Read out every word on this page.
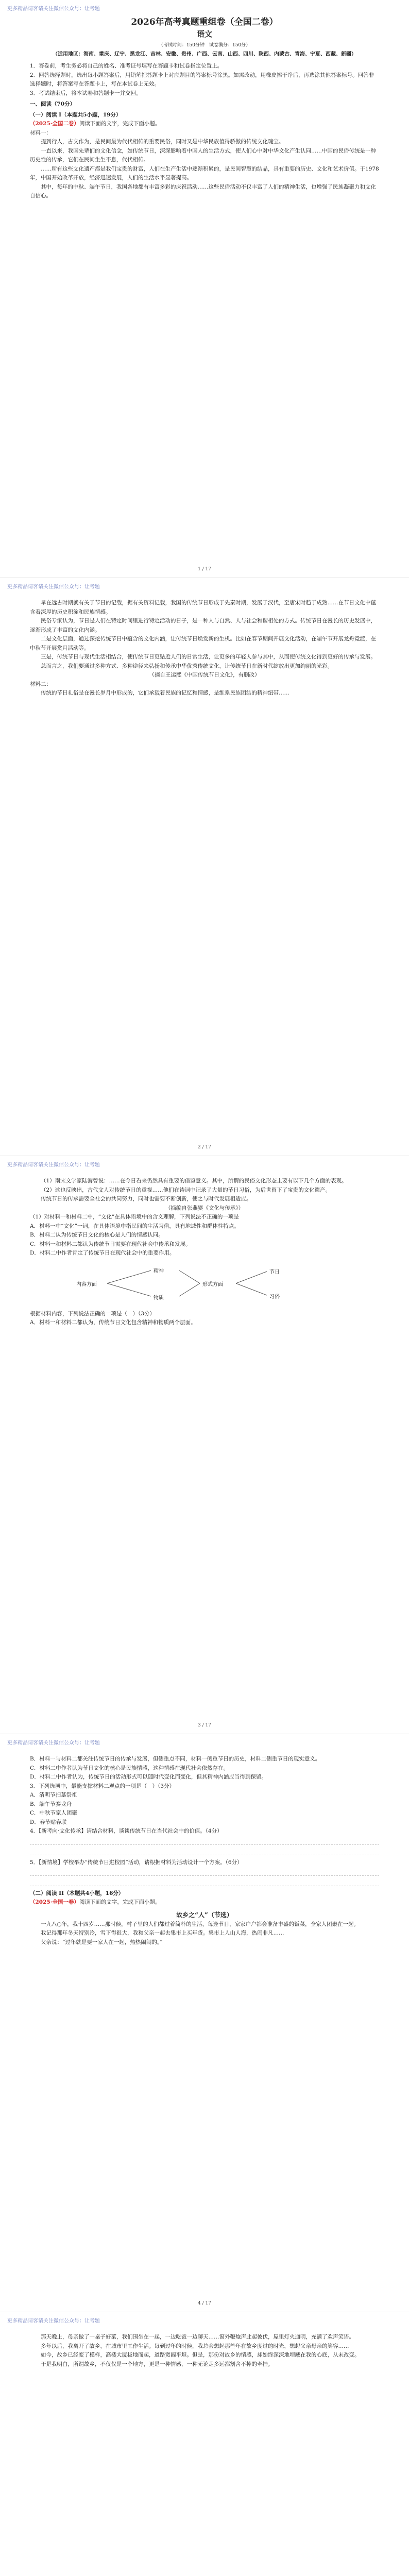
更多精品请客请关注微信公众号：让考题
2026年高考真题重组卷（全国二卷）
语文
（考试时间：150分钟　试卷满分：150分）
（适用地区：海南、重庆、辽宁、黑龙江、吉林、安徽、贵州、广西、云南、山西、四川、陕西、内蒙古、青海、宁夏、西藏、新疆）

1．答卷前，考生务必将自己的姓名、准考证号填写在答题卡和试卷指定位置上。

2．回答选择题时，选出每小题答案后，用铅笔把答题卡上对应题目的答案标号涂黑。如需改动，用橡皮擦干净后，再选涂其他答案标号。回答非选择题时，将答案写在答题卡上，写在本试卷上无效。

3．考试结束后，将本试卷和答题卡一并交回。

一、阅读（70分）
（一）阅读 I（本题共5小题，19分）

（2025·全国二卷）阅读下面的文字，完成下面小题。

材料一：

提到行人，古文作为，是民间最为代代相传的重要民俗，同时又是中华民族值得骄傲的传统文化瑰宝。

一直以来，我国先辈们的文化信念，如传统节日，深深影响着中国人的生活方式，使人们心中对中华文化产生认同……中国的民俗传统是一种历史性的传承，它们在民间生生不息，代代相传。

……所有这些文化遗产都是我们宝贵的财富，人们在生产生活中逐渐积累的，是民间智慧的结晶，具有重要的历史、文化和艺术价值。于1978年，中国开始改革开放，经济迅速发展，人们的生活水平显著提高。

其中，每年的中秋、端午节日，我国各地都有丰富多彩的庆祝活动……这些民俗活动不仅丰富了人们的精神生活，也增强了民族凝聚力和文化自信心。

1 / 17
更多精品请客请关注微信公众号：让考题

早在远古时期就有关于节日的记载，据有关资料记载，我国的传统节日形成于先秦时期，发展于汉代，至唐宋时趋于成熟……在节日文化中蕴含着深厚的历史积淀和民族情感。

民俗专家认为，节日是人们在特定时间里进行特定活动的日子，是一种人与自然、人与社会和谐相处的方式。传统节日在漫长的历史发展中，逐渐形成了丰富的文化内涵。

二是文化层面，通过深挖传统节日中蕴含的文化内涵，让传统节日焕发新的生机。比如在春节期间开展文化活动，在端午节开展龙舟竞渡，在中秋节开展赏月活动等。

三是，传统节日与现代生活相结合，使传统节日更贴近人们的日常生活，让更多的年轻人参与其中，从而使传统文化得到更好的传承与发展。

总而言之，我们要通过多种方式、多种途径来弘扬和传承中华优秀传统文化，让传统节日在新时代绽放出更加绚丽的光彩。

（摘自王运熙《中国传统节日文化》，有删改）

材料二：

传统的节日礼俗是在漫长岁月中形成的，它们承载着民族的记忆和情感，是维系民族团结的精神纽带……

2 / 17
更多精品请客请关注微信公众号：让考题

（1）南宋文学家陆游曾说：……在今日看来仍然具有重要的借鉴意义。其中，所谓的民俗文化形态主要有以下几个方面的表现。

（2）这也反映出，古代文人对传统节日的重视……他们在诗词中记录了大量的节日习俗，为后世留下了宝贵的文化遗产。

传统节日的传承需要全社会的共同努力，同时也需要不断创新，使之与时代发展相适应。

（摘编自张燕婴《文化与传承》）

（1）对材料一和材料二中，“文化”在具体语境中的含义理解，下列说法不正确的一项是

A．材料一中“文化”一词，在具体语境中指民间的生活习俗，具有地域性和群体性特点。

B．材料二认为传统节日文化的核心是人们的情感认同。

C．材料一和材料二都认为传统节日需要在现代社会中传承和发展。

D．材料二中作者肯定了传统节日在现代社会中的重要作用。

内容方面
精神
形式方面
物质
节日
习俗

根据材料内容，下列说法正确的一项是（　）（3分）

A．材料一和材料二都认为，传统节日文化包含精神和物质两个层面。

3 / 17
更多精品请客请关注微信公众号：让考题

B．材料一与材料二都关注传统节日的传承与发展，但侧重点不同，材料一侧重节日的历史，材料二侧重节日的现实意义。

C．材料二中作者认为节日文化的核心是民族情感，这种情感在现代社会依然存在。

D．材料二中作者认为，传统节日的活动形式可以随时代变化而变化，但其精神内涵应当得到保留。

3．下列选项中，最能支撑材料二观点的一项是（　）（3分）

A．清明节扫墓祭祖

B．端午节赛龙舟

C．中秋节家人团聚

D．春节贴春联

4．【新考向·文化传承】请结合材料，谈谈传统节日在当代社会中的价值。（4分）

5．【新情境】学校举办“传统节日进校园”活动，请根据材料为活动设计一个方案。（6分）

（二）阅读 II（本题共4小题，16分）

（2025·全国一卷）阅读下面的文字，完成下面小题。

故乡之“人”（节选）

一九八○年，我十四岁……那时候，村子里的人们都过着简朴的生活，每逢节日，家家户户都会准备丰盛的饭菜，全家人团聚在一起。

我记得那年冬天特别冷，雪下得很大，我和父亲一起去集市上买年货。集市上人山人海，热闹非凡……

父亲说：“过年就是要一家人在一起，热热闹闹的。”

4 / 17
更多精品请客请关注微信公众号：让考题

那天晚上，母亲做了一桌子好菜，我们围坐在一起，一边吃饭一边聊天……窗外鞭炮声此起彼伏，屋里灯火通明，充满了欢声笑语。

多年以后，我离开了故乡，在城市里工作生活。每到过年的时候，我总会想起那些年在故乡度过的时光，想起父亲母亲的笑容……

如今，故乡已经变了模样，高楼大厦拔地而起，道路宽阔平坦。但是，那份对故乡的情感，却始终深深地埋藏在我的心底，从未改变。

于是我明白，所谓故乡，不仅仅是一个地方，更是一种情感，一种无论走多远都割舍不掉的牵挂。
